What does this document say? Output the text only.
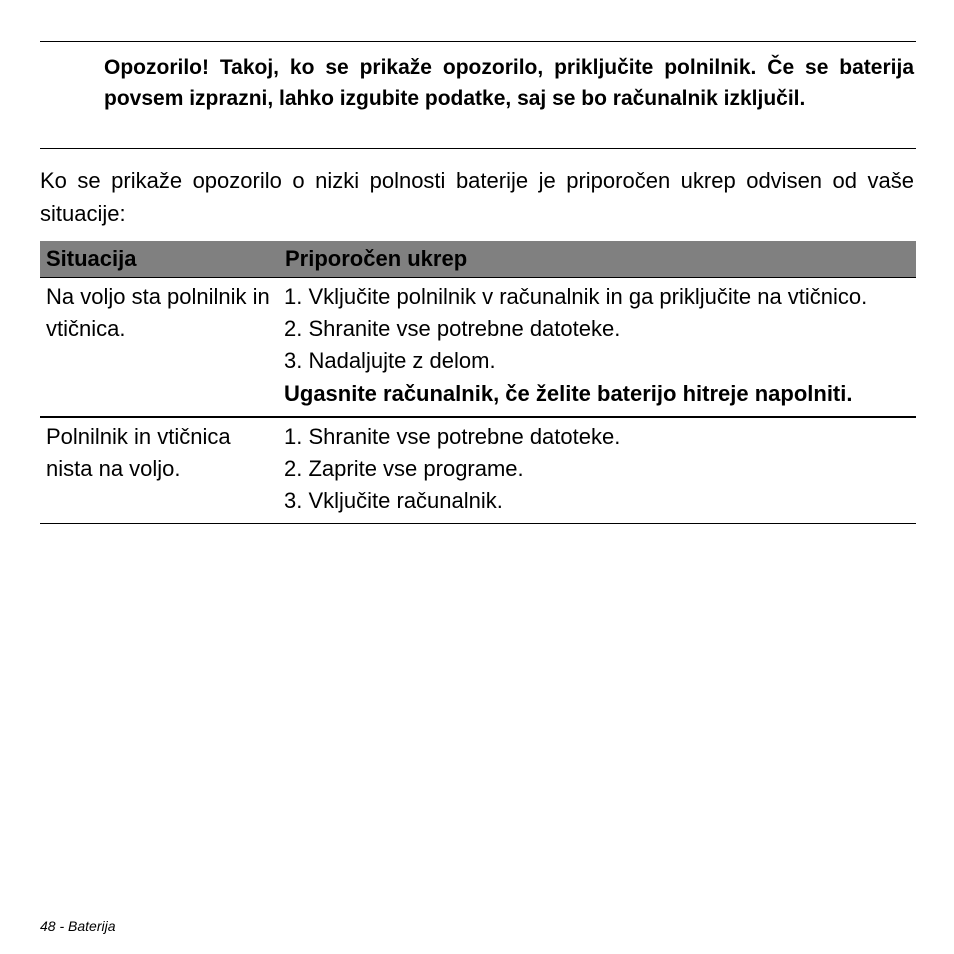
Opozorilo! Takoj, ko se prikaže opozorilo, priključite polnilnik. Če se baterija povsem izprazni, lahko izgubite podatke, saj se bo računalnik izključil.
Ko se prikaže opozorilo o nizki polnosti baterije je priporočen ukrep odvisen od vaše situacije:
Situacija	Priporočen ukrep
Na voljo sta polnilnik in vtičnica.	1. Vključite polnilnik v računalnik in ga priključite na vtičnico.
2. Shranite vse potrebne datoteke.
3. Nadaljujte z delom.
Ugasnite računalnik, če želite baterijo hitreje napolniti.

Polnilnik in vtičnica nista na voljo.	1. Shranite vse potrebne datoteke.
2. Zaprite vse programe.
3. Vključite računalnik.
48 - Baterija
